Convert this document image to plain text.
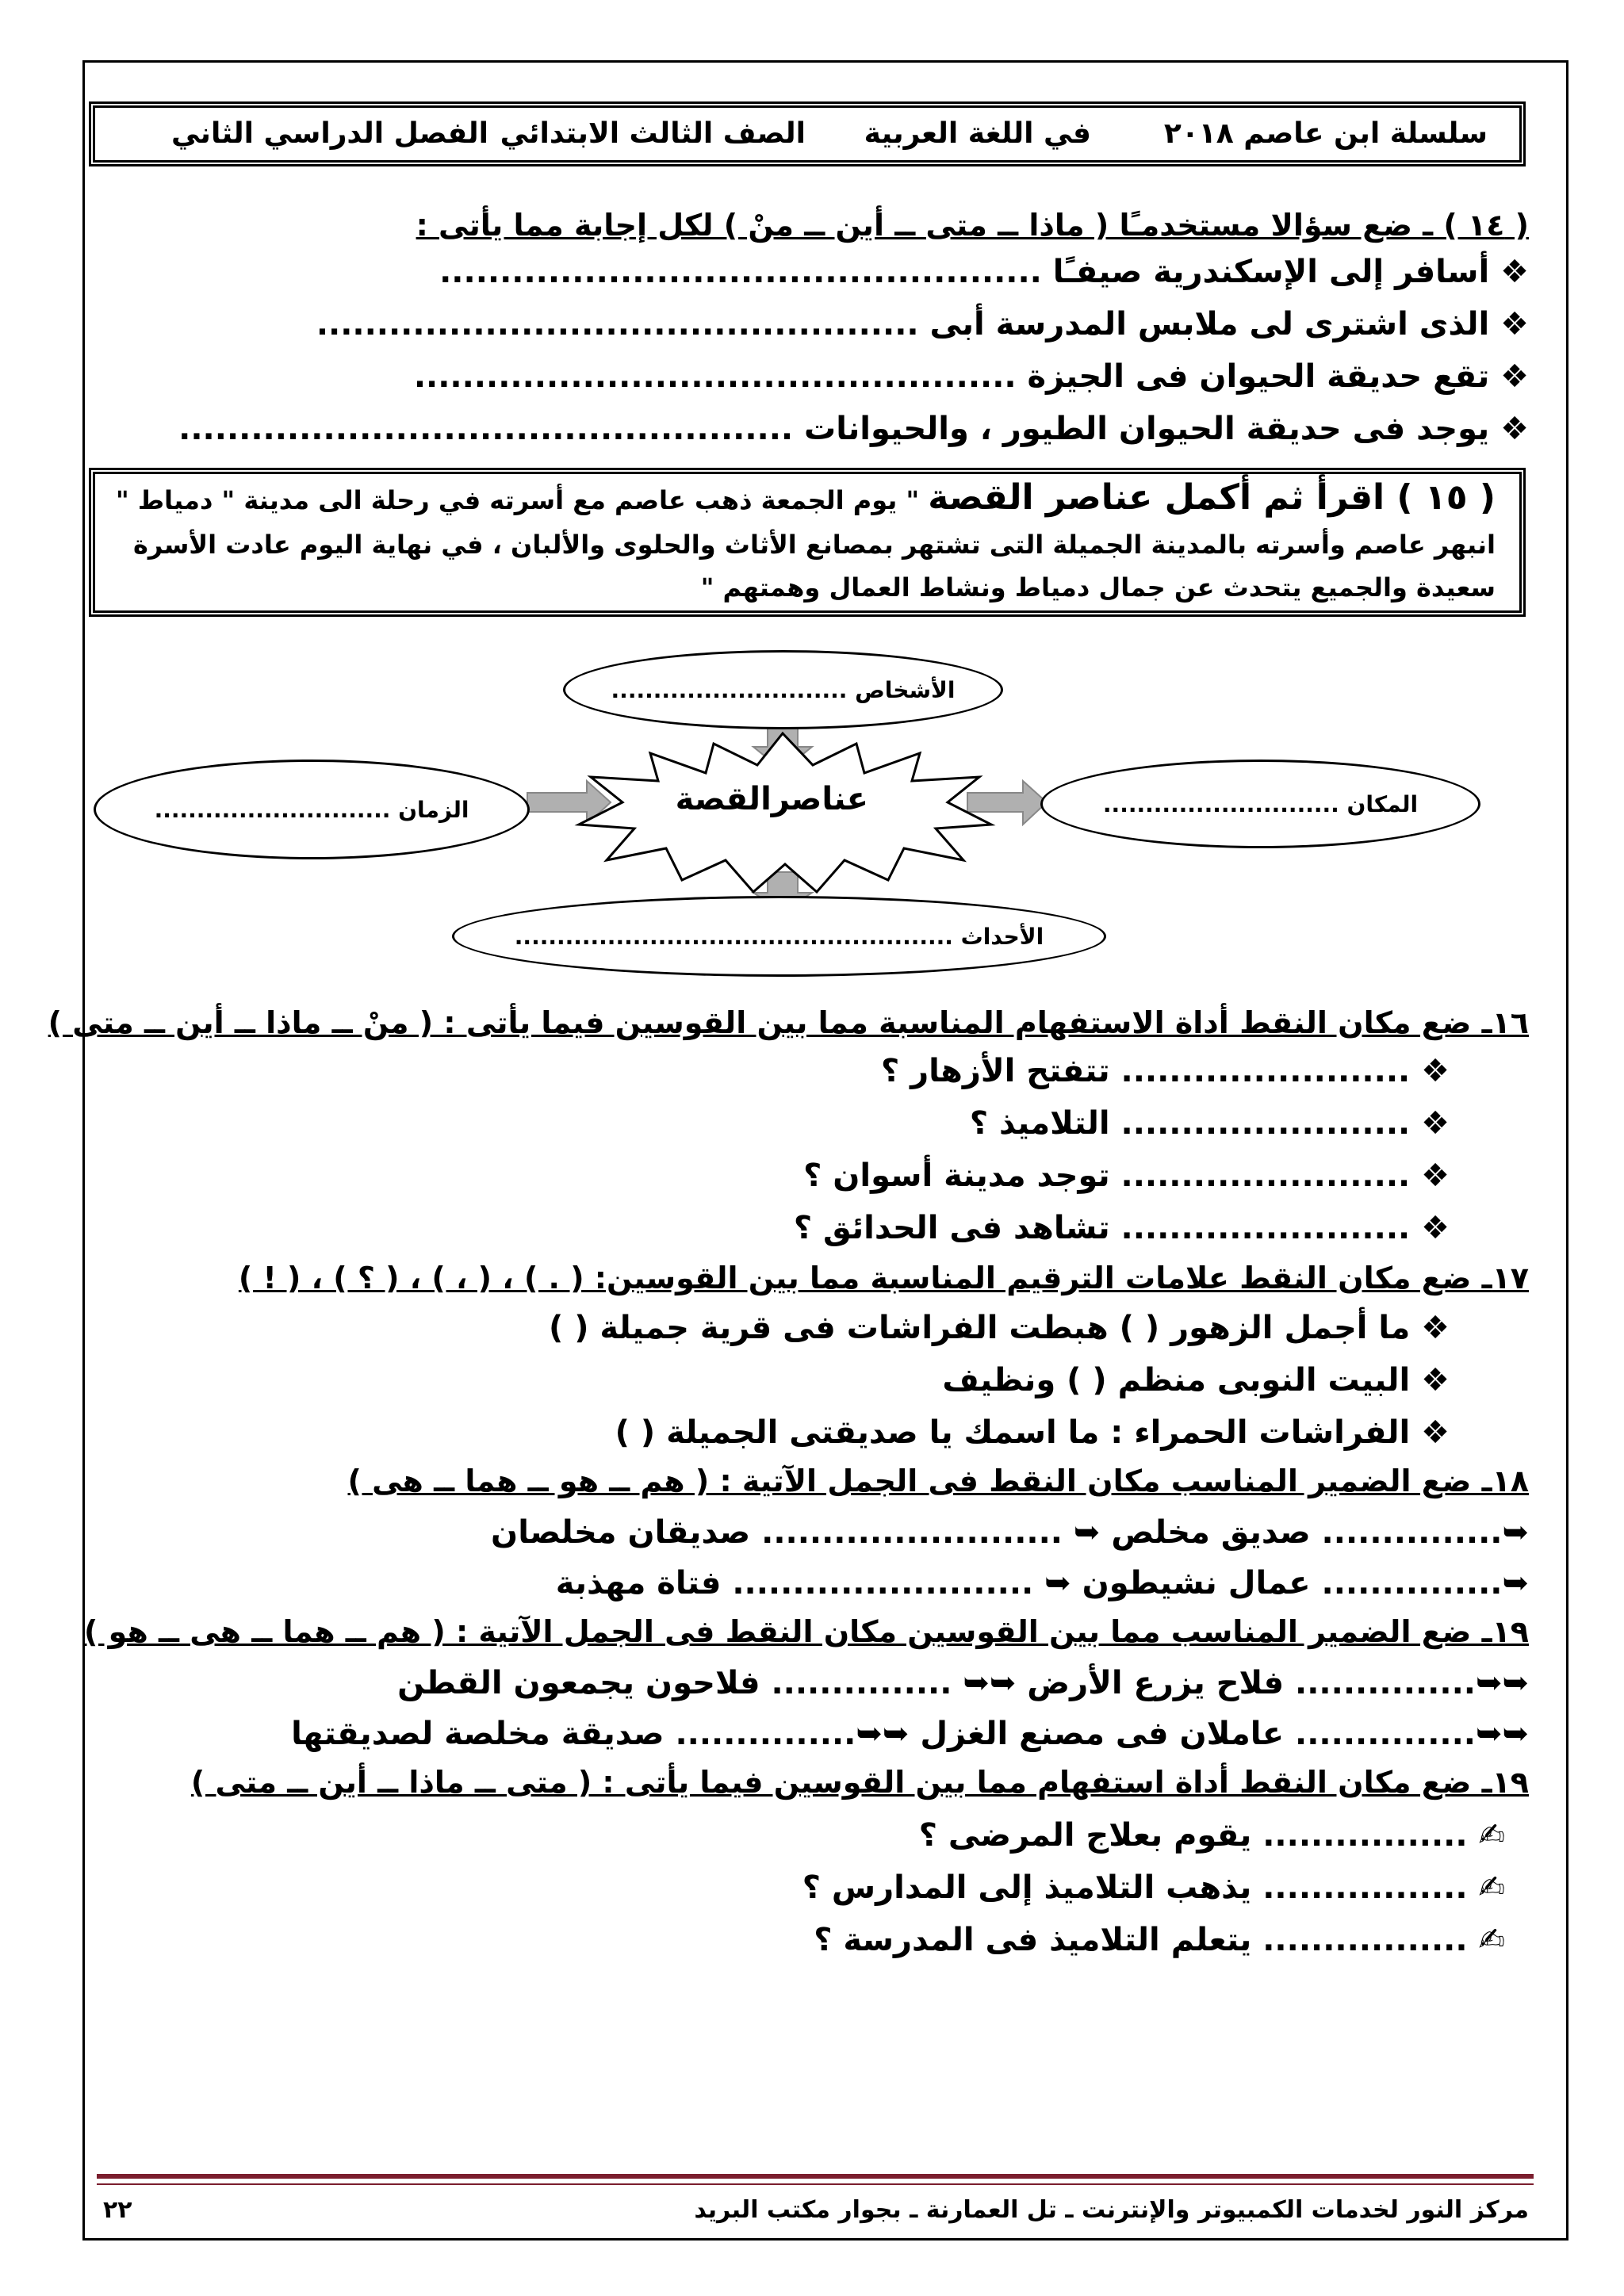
سلسلة ابن عاصم ٢٠١٨
في اللغة العربية
الصف الثالث الابتدائي
الفصل الدراسي الثاني
( ١٤ ) ـ ضع سؤالا مستخدمـًا ( ماذا ــ متى ــ أين ــ منْ ) لكل إجابة مما يأتى :
❖ أسافر إلى الإسكندرية صيفـًا ..................................................
❖ الذى اشترى لى ملابس المدرسة أبى ..................................................
❖ تقع حديقة الحيوان فى الجيزة ..................................................
❖ يوجد فى حديقة الحيوان الطيور ، والحيوانات ...................................................
( ١٥ ) اقرأ ثم أكمل عناصر القصة " يوم الجمعة ذهب عاصم مع أسرته في رحلة الى مدينة " دمياط "
انبهر عاصم وأسرته بالمدينة الجميلة التى تشتهر بمصانع الأثاث والحلوى والألبان ، في نهاية اليوم عادت الأسرة
سعيدة والجميع يتحدث عن جمال دمياط ونشاط العمال وهمتهم "
عناصرالقصة
الأشخاص ............................
الزمان ............................	المكان ............................
الأحداث ....................................................
١٦ـ ضع مكان النقط أداة الاستفهام المناسبة مما بين القوسين فيما يأتى : ( منْ ــ ماذا ــ أين ــ متى )
❖ ........................ تتفتح الأزهار ؟
❖ ........................ التلاميذ ؟
❖ ........................ توجد مدينة أسوان ؟
❖ ........................ تشاهد فى الحدائق ؟
١٧ـ ضع مكان النقط علامات الترقيم المناسبة مما بين القوسين: ( . ) ، ( ، ) ، ( ؟ ) ، ( ! )
❖ ما أجمل الزهور ( ) هبطت الفراشات فى قرية جميلة ( )
❖ البيت النوبى منظم ( ) ونظيف
❖ الفراشات الحمراء : ما اسمك يا صديقتى الجميلة ( )
١٨ـ ضع الضمير المناسب مكان النقط فى الجمل الآتية : ( هم ــ هو ــ هما ــ هى )
➥............... صديق مخلص ➥ ......................... صديقان مخلصان
➥............... عمال نشيطون ➥ ......................... فتاة مهذبة
١٩ـ ضع الضمير المناسب مما بين القوسين مكان النقط فى الجمل الآتية : ( هم ــ هما ــ هى ــ هو )
➥➥............... فلاح يزرع الأرض ➥➥ ............... فلاحون يجمعون القطن
➥➥............... عاملان فى مصنع الغزل ➥➥............... صديقة مخلصة لصديقتها
١٩ـ ضع مكان النقط أداة استفهام مما بين القوسين فيما يأتى : ( متى ــ ماذا ــ أين ــ متى )
✍ ................. يقوم بعلاج المرضى ؟
✍ ................. يذهب التلاميذ إلى المدارس ؟
✍ ................. يتعلم التلاميذ فى المدرسة ؟
مركز النور لخدمات الكمبيوتر والإنترنت ـ تل العمارنة ـ بجوار مكتب البريد
٢٢
